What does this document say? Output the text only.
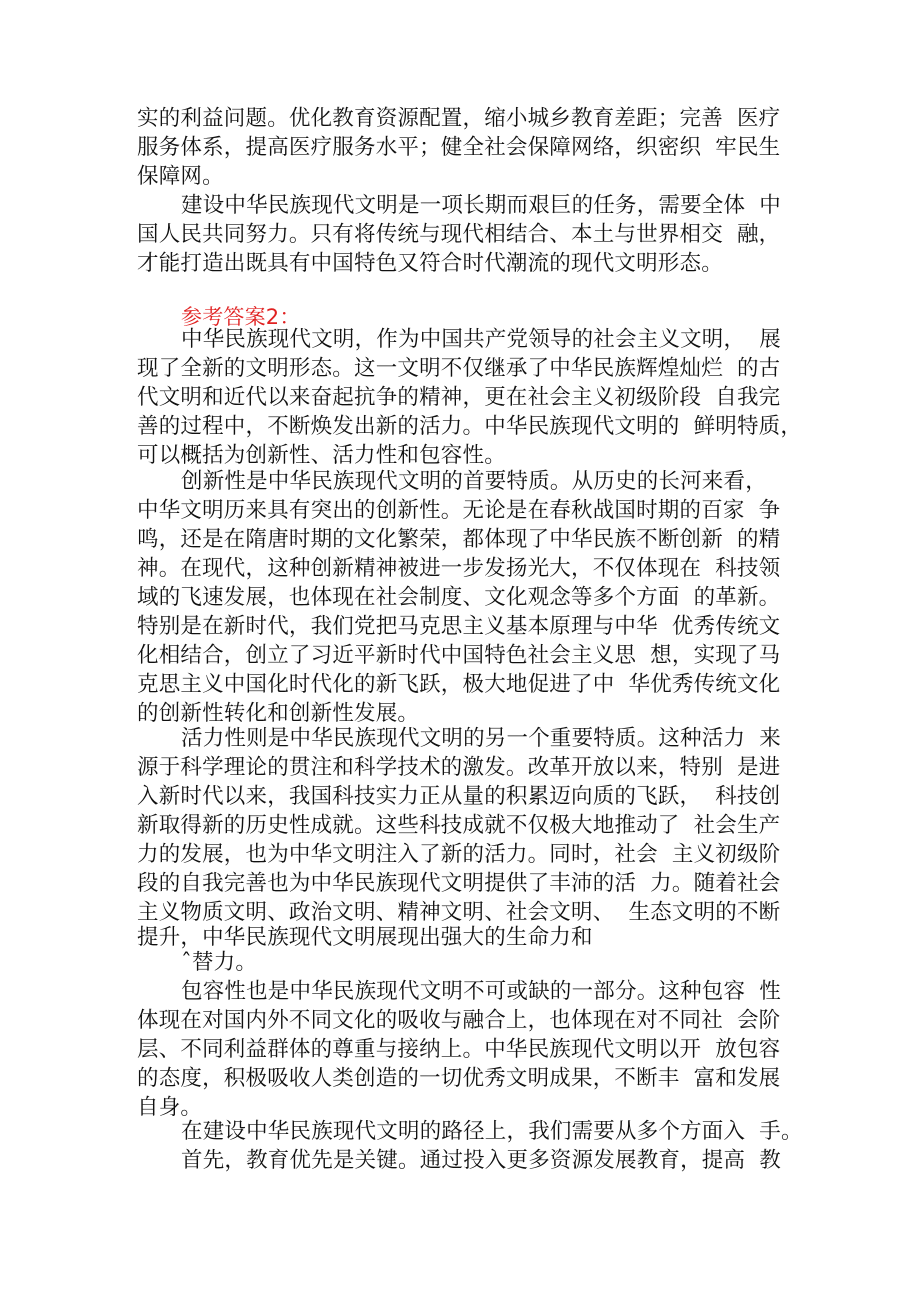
实的利益问题。优化教育资源配置，缩小城乡教育差距；完善  医疗
服务体系，提高医疗服务水平；健全社会保障网络，织密织  牢民生
保障网。
建设中华民族现代文明是一项长期而艰巨的任务，需要全体  中
国人民共同努力。只有将传统与现代相结合、本土与世界相交  融，
才能打造出既具有中国特色又符合时代潮流的现代文明形态。
参考答案2：
中华民族现代文明，作为中国共产党领导的社会主义文明，  展
现了全新的文明形态。这一文明不仅继承了中华民族辉煌灿烂  的古
代文明和近代以来奋起抗争的精神，更在社会主义初级阶段  自我完
善的过程中，不断焕发出新的活力。中华民族现代文明的  鲜明特质，
可以概括为创新性、活力性和包容性。
创新性是中华民族现代文明的首要特质。从历史的长河来看，
中华文明历来具有突出的创新性。无论是在春秋战国时期的百家  争
鸣，还是在隋唐时期的文化繁荣，都体现了中华民族不断创新  的精
神。在现代，这种创新精神被进一步发扬光大，不仅体现在  科技领
域的飞速发展，也体现在社会制度、文化观念等多个方面  的革新。
特别是在新时代，我们党把马克思主义基本原理与中华  优秀传统文
化相结合，创立了习近平新时代中国特色社会主义思  想，实现了马
克思主义中国化时代化的新飞跃，极大地促进了中  华优秀传统文化
的创新性转化和创新性发展。
活力性则是中华民族现代文明的另一个重要特质。这种活力  来
源于科学理论的贯注和科学技术的激发。改革开放以来，特别  是进
入新时代以来，我国科技实力正从量的积累迈向质的飞跃，  科技创
新取得新的历史性成就。这些科技成就不仅极大地推动了  社会生产
力的发展，也为中华文明注入了新的活力。同时，社会  主义初级阶
段的自我完善也为中华民族现代文明提供了丰沛的活  力。随着社会
主义物质文明、政治文明、精神文明、社会文明、  生态文明的不断
提升，中华民族现代文明展现出强大的生命力和
ˆ替力。
包容性也是中华民族现代文明不可或缺的一部分。这种包容  性
体现在对国内外不同文化的吸收与融合上，也体现在对不同社  会阶
层、不同利益群体的尊重与接纳上。中华民族现代文明以开  放包容
的态度，积极吸收人类创造的一切优秀文明成果，不断丰  富和发展
自身。
在建设中华民族现代文明的路径上，我们需要从多个方面入  手。
首先，教育优先是关键。通过投入更多资源发展教育，提高  教
